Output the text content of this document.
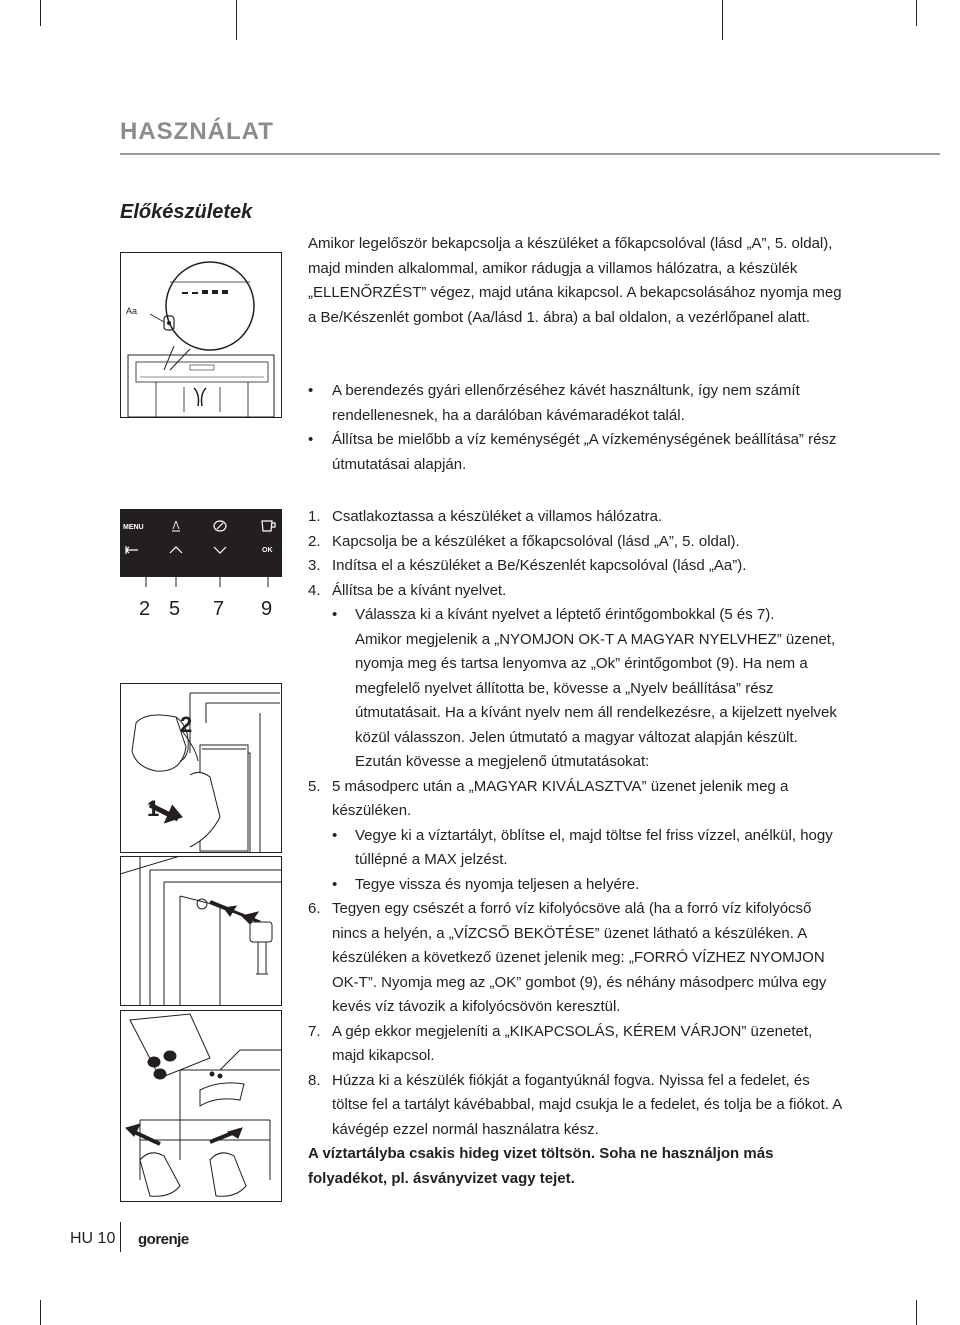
HASZNÁLAT
Előkészületek
Aa
MENU
OK
2 5 7 9
2
1

Amikor legelőször bekapcsolja a készüléket a főkapcsolóval (lásd „A”, 5. oldal), majd minden alkalommal, amikor rádugja a villamos hálózatra, a készülék „ELLENŐRZÉST” végez, majd utána kikapcsol. A bekapcsolásához nyomja meg a Be/Készenlét gombot (Aa/lásd 1. ábra) a bal oldalon, a vezérlőpanel alatt.

• A berendezés gyári ellenőrzéséhez kávét használtunk, így nem számít rendellenesnek, ha a darálóban kávémaradékot talál.
• Állítsa be mielőbb a víz keménységét „A vízkeménységének beállítása” rész útmutatásai alapján.
1. Csatlakoztassa a készüléket a villamos hálózatra.
2. Kapcsolja be a készüléket a főkapcsolóval (lásd „A”, 5. oldal).
3. Indítsa el a készüléket a Be/Készenlét kapcsolóval (lásd „Aa”).
4. Állítsa be a kívánt nyelvet.
• Válassza ki a kívánt nyelvet a léptető érintőgombokkal (5 és 7).
Amikor megjelenik a „NYOMJON OK-T A MAGYAR NYELVHEZ” üzenet, nyomja meg és tartsa lenyomva az „Ok” érintőgombot (9). Ha nem a megfelelő nyelvet állította be, kövesse a „Nyelv beállítása” rész útmutatásait. Ha a kívánt nyelv nem áll rendelkezésre, a kijelzett nyelvek közül válasszon. Jelen útmutató a magyar változat alapján készült. Ezután kövesse a megjelenő útmutatásokat:
5. 5 másodperc után a „MAGYAR KIVÁLASZTVA” üzenet jelenik meg a készüléken.
• Vegye ki a víztartályt, öblítse el, majd töltse fel friss vízzel, anélkül, hogy túllépné a MAX jelzést.
• Tegye vissza és nyomja teljesen a helyére.
6. Tegyen egy csészét a forró víz kifolyócsöve alá (ha a forró víz kifolyócső nincs a helyén, a „VÍZCSŐ BEKÖTÉSE” üzenet látható a készüléken. A készüléken a következő üzenet jelenik meg: „FORRÓ VÍZHEZ NYOMJON OK-T”. Nyomja meg az „OK” gombot (9), és néhány másodperc múlva egy kevés víz távozik a kifolyócsövön keresztül.
7. A gép ekkor megjeleníti a „KIKAPCSOLÁS, KÉREM VÁRJON” üzenetet, majd kikapcsol.
8. Húzza ki a készülék fiókját a fogantyúknál fogva. Nyissa fel a fedelet, és töltse fel a tartályt kávébabbal, majd csukja le a fedelet, és tolja be a fiókot. A kávégép ezzel normál használatra kész.

A víztartályba csakis hideg vizet töltsön. Soha ne használjon más folyadékot, pl. ásványvizet vagy tejet.

HU 10 gorenje
